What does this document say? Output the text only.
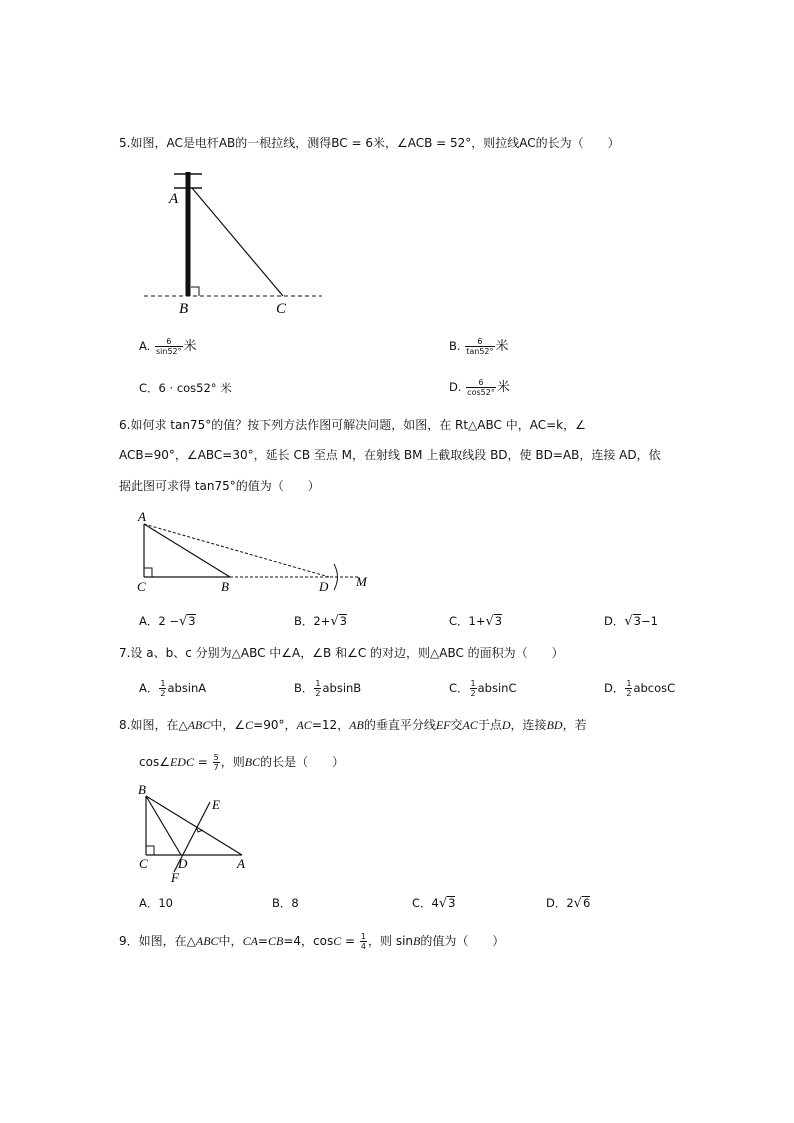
5.如图，AC是电杆AB的一根拉线，测得BC = 6米，∠ACB = 52°，则拉线AC的长为（　　）
A
B	C
A. $\frac{6}{\sin 52^\circ}$ 米	B. $\frac{6}{\tan 52^\circ}$ 米
C．6 · cos52° 米	D. $\frac{6}{\cos 52^\circ}$ 米
6.如何求 tan75°的值？按下列方法作图可解决问题，如图，在 Rt△ABC 中，AC=k，∠
ACB=90°，∠ABC=30°，延长 CB 至点 M，在射线 BM 上截取线段 BD，使 BD=AB，连接 AD，依
据此图可求得 tan75°的值为（　　）
A
C	B	D M
A．2 −√3	B．2+√3	C．1+√3	D．√3−1
7.设 a、b、c 分别为△ABC 中∠A，∠B 和∠C 的对边，则△ABC 的面积为（　　）
A． $\frac{1}{2}$ absinA	B． $\frac{1}{2}$ absinB	C． $\frac{1}{2}$ absinC	D． $\frac{1}{2}$ abcosC
8.如图，在△ABC中，∠C=90°，AC=12，AB的垂直平分线EF交AC于点D，连接BD，若
cos∠EDC = $\frac{5}{7}$ ，则BC的长是（　　）
B
E
C D	A
F
A．10	B．8	C．4√3	D．2√6
9．如图，在△ABC中，CA=CB=4，$\cos C = \frac{1}{4}$ ，则 sinB的值为（　　）
